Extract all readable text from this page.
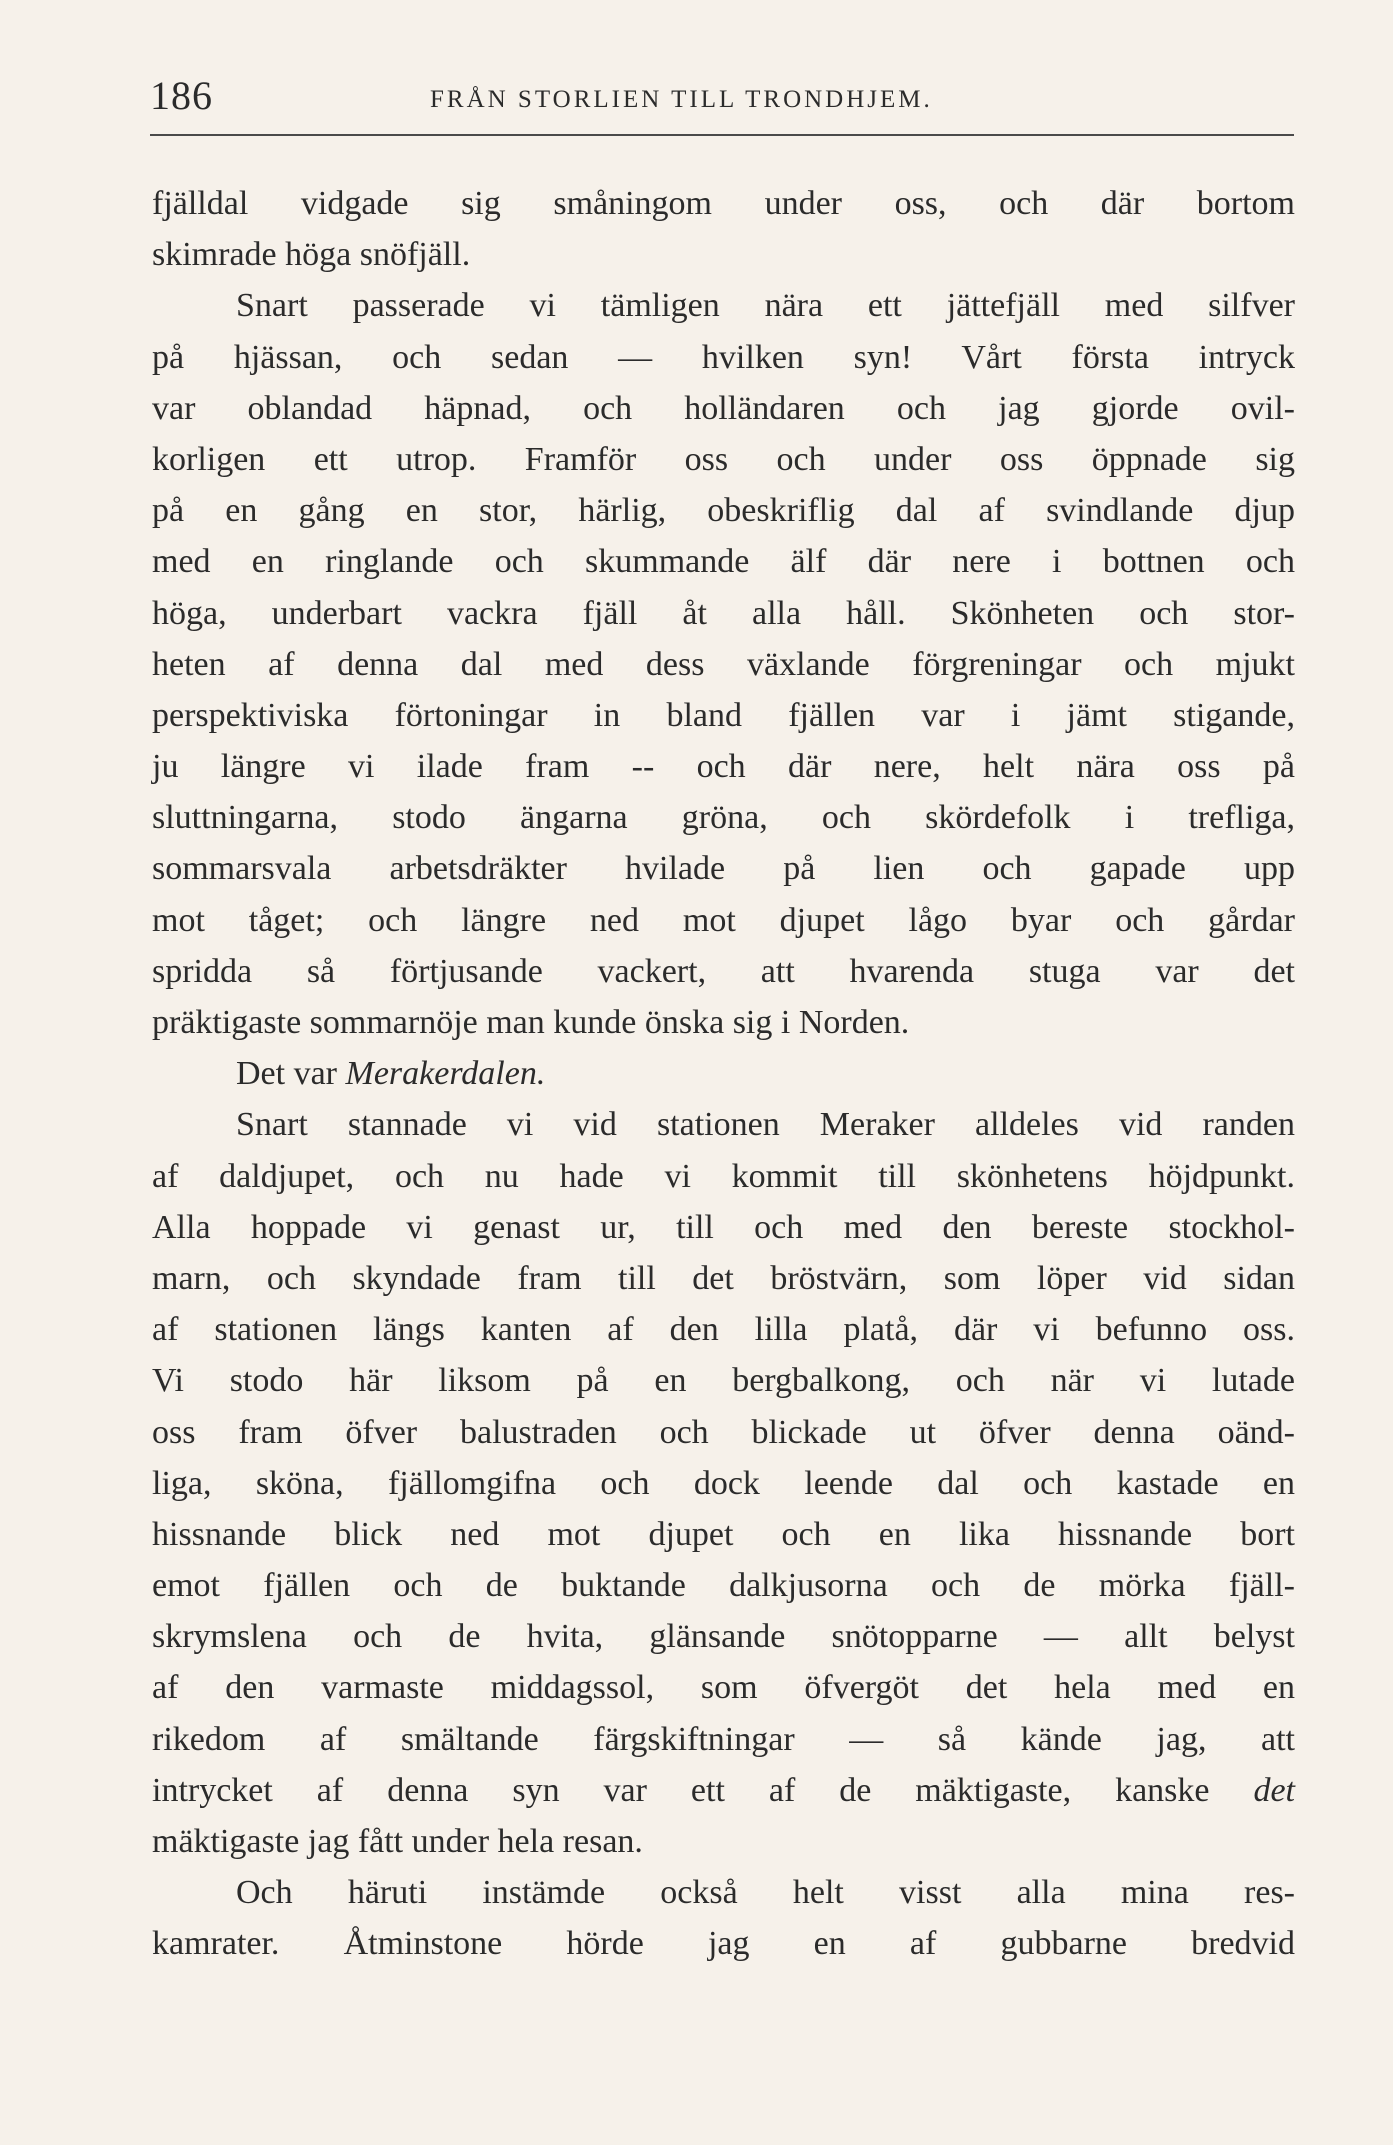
186	FRÅN STORLIEN TILL TRONDHJEM.
fjälldal vidgade sig småningom under oss, och där bortom
skimrade höga snöfjäll.
Snart passerade vi tämligen nära ett jättefjäll med silfver
på hjässan, och sedan — hvilken syn! Vårt första intryck
var oblandad häpnad, och holländaren och jag gjorde ovil-
korligen ett utrop. Framför oss och under oss öppnade sig
på en gång en stor, härlig, obeskriflig dal af svindlande djup
med en ringlande och skummande älf där nere i bottnen och
höga, underbart vackra fjäll åt alla håll. Skönheten och stor-
heten af denna dal med dess växlande förgreningar och mjukt
perspektiviska förtoningar in bland fjällen var i jämt stigande,
ju längre vi ilade fram -- och där nere, helt nära oss på
sluttningarna, stodo ängarna gröna, och skördefolk i trefliga,
sommarsvala arbetsdräkter hvilade på lien och gapade upp
mot tåget; och längre ned mot djupet lågo byar och gårdar
spridda så förtjusande vackert, att hvarenda stuga var det
präktigaste sommarnöje man kunde önska sig i Norden.
Det var Merakerdalen.
Snart stannade vi vid stationen Meraker alldeles vid randen
af daldjupet, och nu hade vi kommit till skönhetens höjdpunkt.
Alla hoppade vi genast ur, till och med den bereste stockhol-
marn, och skyndade fram till det bröstvärn, som löper vid sidan
af stationen längs kanten af den lilla platå, där vi befunno oss.
Vi stodo här liksom på en bergbalkong, och när vi lutade
oss fram öfver balustraden och blickade ut öfver denna oänd-
liga, sköna, fjällomgifna och dock leende dal och kastade en
hissnande blick ned mot djupet och en lika hissnande bort
emot fjällen och de buktande dalkjusorna och de mörka fjäll-
skrymslena och de hvita, glänsande snötopparne — allt belyst
af den varmaste middagssol, som öfvergöt det hela med en
rikedom af smältande färgskiftningar — så kände jag, att
intrycket af denna syn var ett af de mäktigaste, kanske det
mäktigaste jag fått under hela resan.
Och häruti instämde också helt visst alla mina res-
kamrater. Åtminstone hörde jag en af gubbarne bredvid
